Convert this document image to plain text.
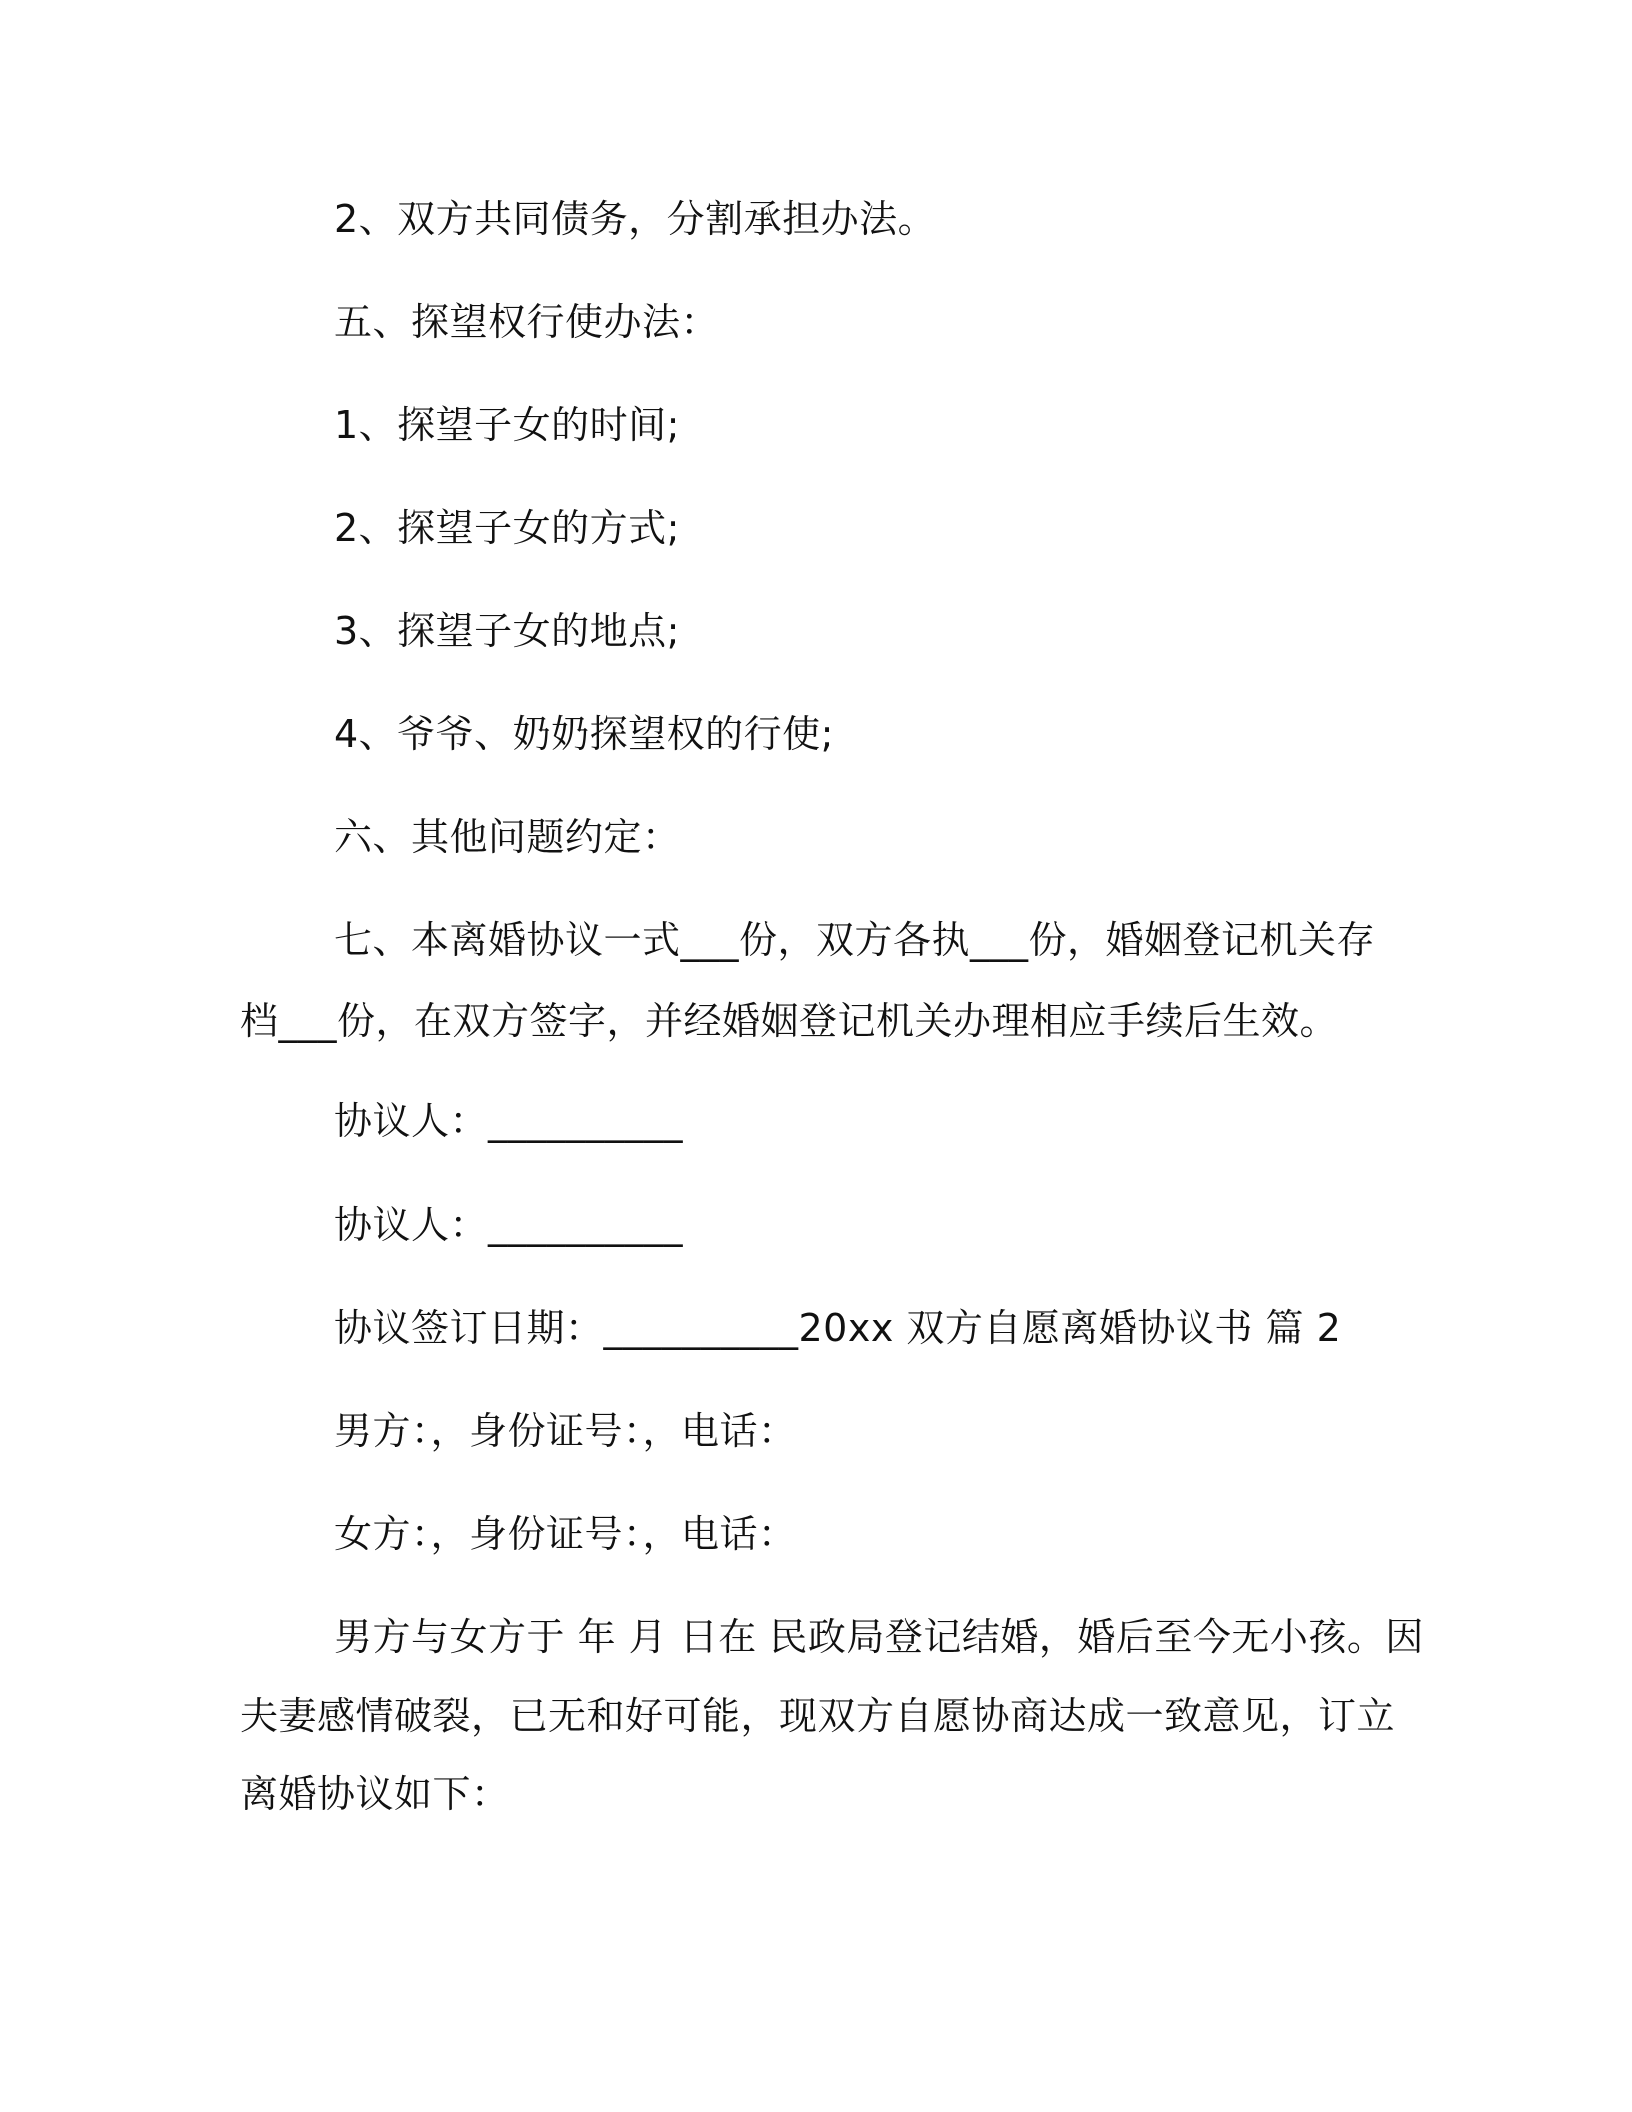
2、双方共同债务，分割承担办法。
五、探望权行使办法：
1、探望子女的时间;
2、探望子女的方式;
3、探望子女的地点;
4、爷爷、奶奶探望权的行使;
六、其他问题约定：
七、本离婚协议一式___份，双方各执___份，婚姻登记机关存
档___份，在双方签字，并经婚姻登记机关办理相应手续后生效。
协议人：__________
协议人：__________
协议签订日期：__________20xx 双方自愿离婚协议书 篇 2
男方：，身份证号：，电话：
女方：，身份证号：，电话：
男方与女方于 年 月 日在 民政局登记结婚，婚后至今无小孩。因
夫妻感情破裂，已无和好可能，现双方自愿协商达成一致意见，订立
离婚协议如下：
